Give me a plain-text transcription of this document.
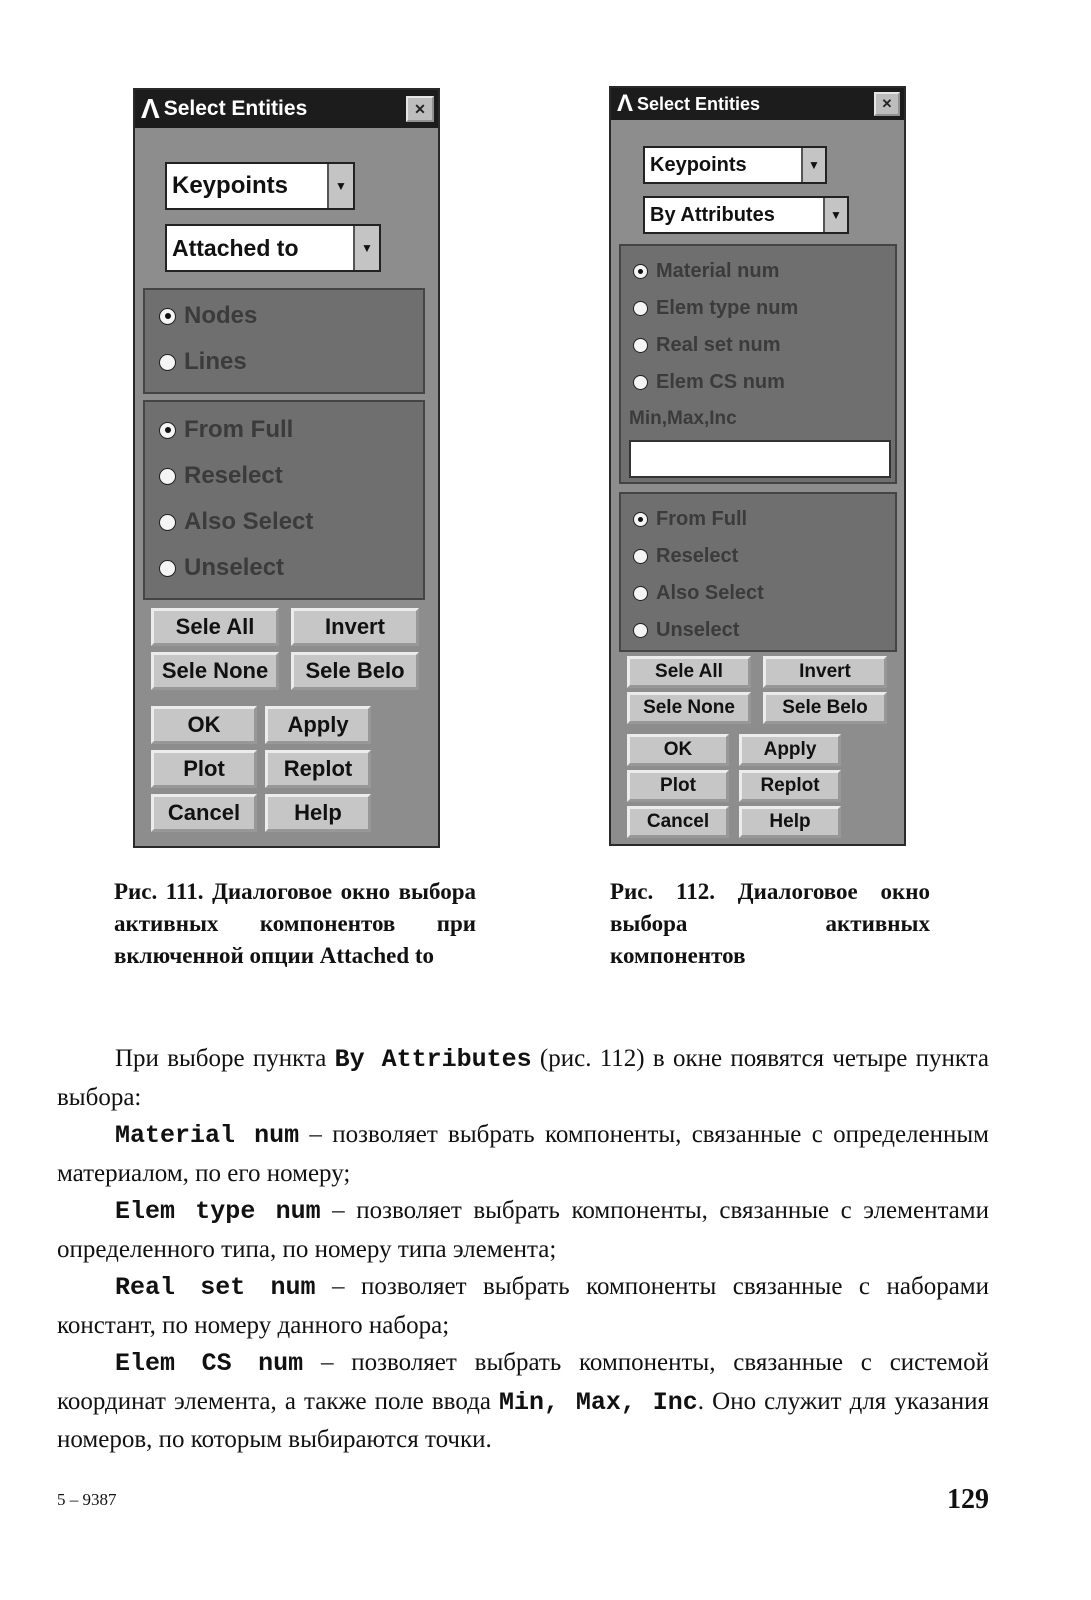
Λ Select Entities	✕
Keypoints	▼
Attached to	▼
Nodes
Lines
From Full
Reselect
Also Select
Unselect
Sele All	Invert
Sele None	Sele Belo
OK	Apply
Plot	Replot
Cancel	Help
Λ Select Entities	✕
Keypoints	▼
By Attributes	▼
Material num
Elem type num
Real set num
Elem CS num
Min,Max,Inc
From Full
Reselect
Also Select
Unselect
Sele All	Invert
Sele None	Sele Belo
OK	Apply
Plot	Replot
Cancel	Help
Рис. 111. Диалоговое окно выбора активных компонентов при включенной опции Attached to
Рис. 112. Диалоговое окно выбора активных компонентов

При выборе пункта By Attributes (рис. 112) в окне появятся четыре пункта выбора:

Material num – позволяет выбрать компоненты, связанные с определенным материалом, по его номеру;

Elem type num – позволяет выбрать компоненты, связанные с элементами определенного типа, по номеру типа элемента;

Real set num – позволяет выбрать компоненты связанные с наборами констант, по номеру данного набора;

Elem CS num – позволяет выбрать компоненты, связанные с системой координат элемента, а также поле ввода Min, Max, Inc. Оно служит для указания номеров, по которым выбираются точки.

5 – 9387	129
